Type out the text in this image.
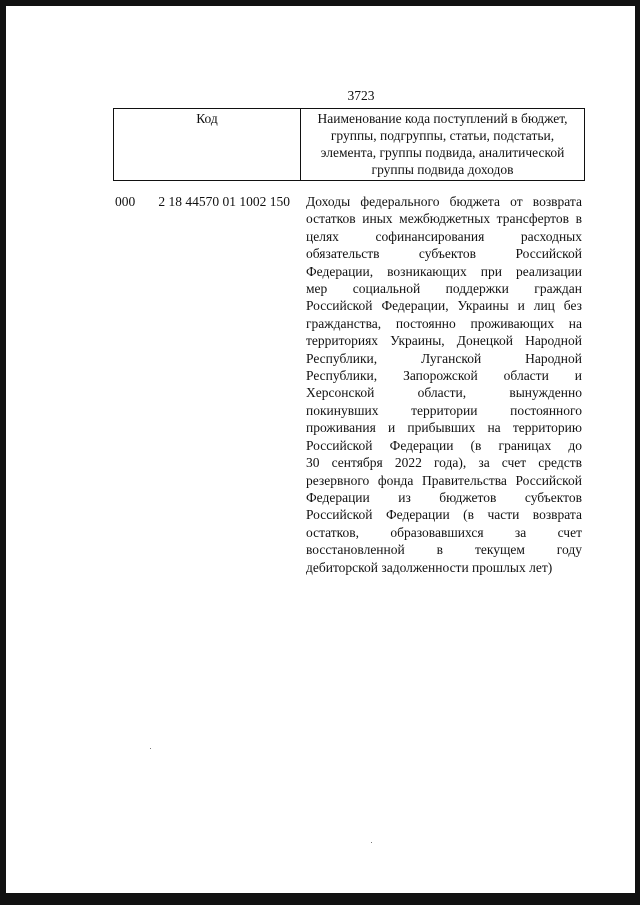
3723
Код	Наименование кода поступлений в бюджет, группы, подгруппы, статьи, подстатьи, элемента, группы подвида, аналитической группы подвида доходов
000 2 18 44570 01 1002 150 Доходы федерального бюджета от возврата
остатков иных межбюджетных трансфертов в
целях софинансирования расходных
обязательств субъектов Российской
Федерации, возникающих при реализации
мер социальной поддержки граждан
Российской Федерации, Украины и лиц без
гражданства, постоянно проживающих на
территориях Украины, Донецкой Народной
Республики, Луганской Народной
Республики, Запорожской области и
Херсонской области, вынужденно
покинувших территории постоянного
проживания и прибывших на территорию
Российской Федерации (в границах до
30 сентября 2022 года), за счет средств
резервного фонда Правительства Российской
Федерации из бюджетов субъектов
Российской Федерации (в части возврата
остатков, образовавшихся за счет
восстановленной в текущем году
дебиторской задолженности прошлых лет)
